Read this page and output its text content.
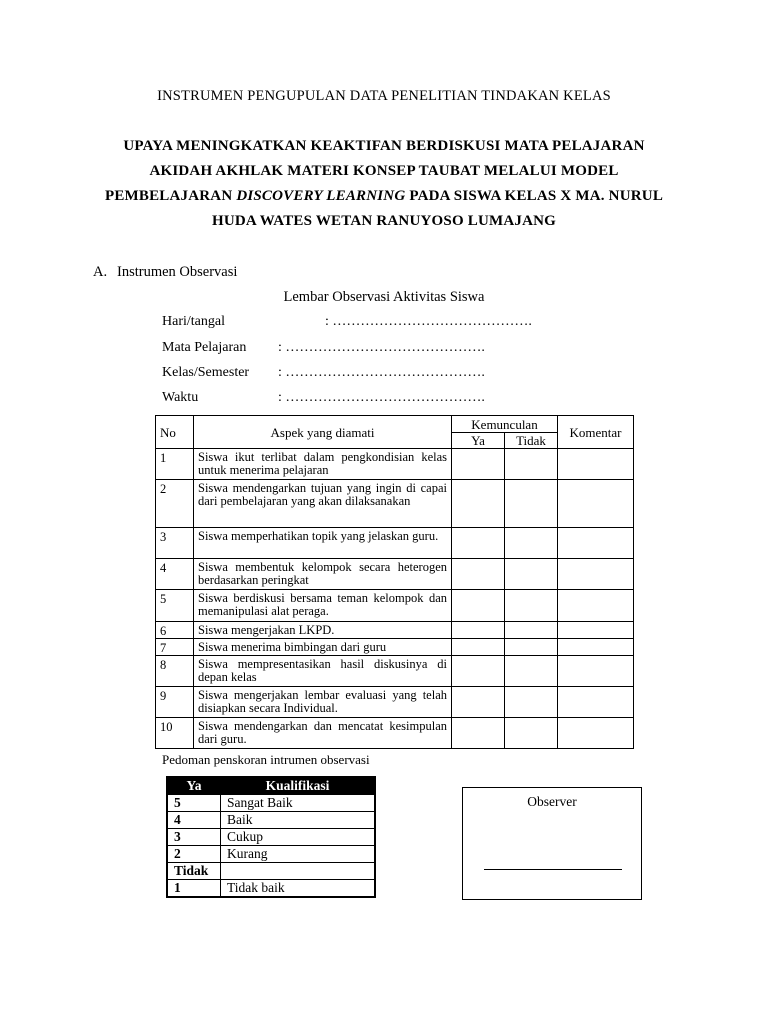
INSTRUMEN PENGUPULAN DATA PENELITIAN TINDAKAN KELAS
UPAYA MENINGKATKAN KEAKTIFAN BERDISKUSI MATA PELAJARAN
AKIDAH AKHLAK MATERI KONSEP TAUBAT MELALUI MODEL
PEMBELAJARAN DISCOVERY LEARNING PADA SISWA KELAS X MA. NURUL
HUDA WATES WETAN RANUYOSO LUMAJANG
A. Instrumen Observasi
Lembar Observasi Aktivitas Siswa
Hari/tangal	: …………………………………….
Mata Pelajaran : …………………………………….
Kelas/Semester : …………………………………….
Waktu	: …………………………………….
No	Aspek yang diamati	Kemunculan		Komentar
		Ya	Tidak	
1	Siswa ikut terlibat dalam pengkondisian kelas untuk menerima pelajaran			
2	Siswa mendengarkan tujuan yang ingin di capai dari pembelajaran yang akan dilaksanakan			
3	Siswa memperhatikan topik yang jelaskan guru.			
4	Siswa membentuk kelompok secara heterogen berdasarkan peringkat			
5	Siswa berdiskusi bersama teman kelompok dan memanipulasi alat peraga.			
6	Siswa mengerjakan LKPD.			
7	Siswa menerima bimbingan dari guru			
8	Siswa mempresentasikan hasil diskusinya di depan kelas			
9	Siswa mengerjakan lembar evaluasi yang telah disiapkan secara Individual.			
10	Siswa mendengarkan dan mencatat kesimpulan dari guru.			
Pedoman penskoran intrumen observasi
Ya	Kualifikasi
5	Sangat Baik
4	Baik
3	Cukup
2	Kurang
Tidak	
1	Tidak baik
Observer
